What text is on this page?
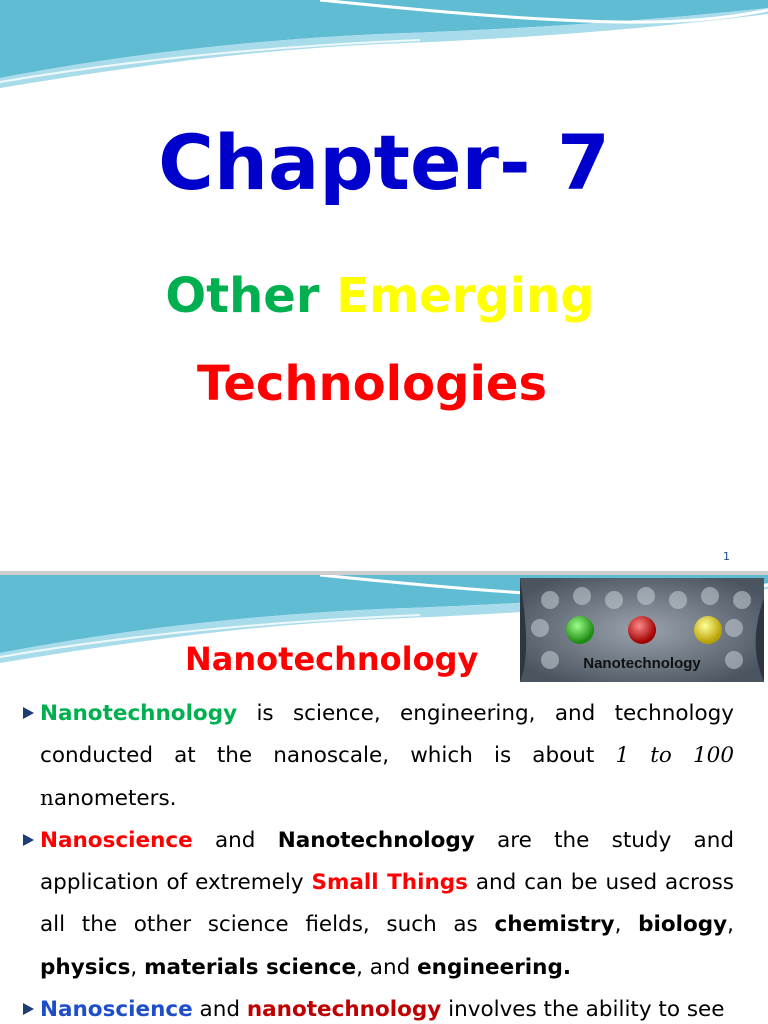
Chapter- 7
Other Emerging
Technologies
1
Nanotechnology	Nanotechnology
Nanotechnology is science, engineering, and technology conducted at the nanoscale, which is about 1 to 100 nanometers.
Nanoscience and Nanotechnology are the study and application of extremely Small Things and can be used across all the other science fields, such as chemistry, biology, physics, materials science, and engineering.
Nanoscience and nanotechnology involves the ability to see
